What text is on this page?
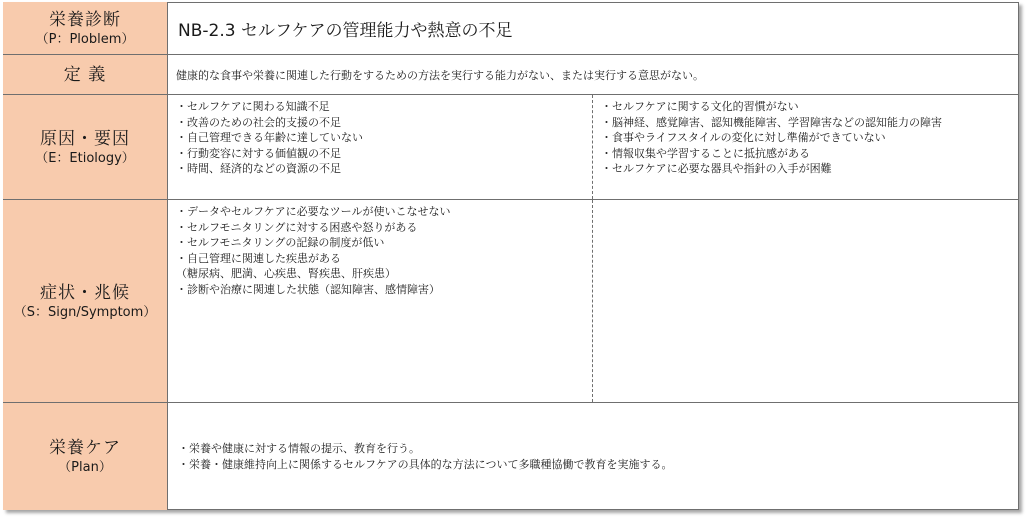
栄養診断
（P：Ploblem）	NB-2.3 セルフケアの管理能力や熱意の不足
定 義	健康的な食事や栄養に関連した行動をするための方法を実行する能力がない、または実行する意思がない。
原因・要因
（E：Etiology）
・セルフケアに関わる知識不足
・改善のための社会的支援の不足
・自己管理できる年齢に達していない
・行動変容に対する価値観の不足
・時間、経済的などの資源の不足
・セルフケアに関する文化的習慣がない
・脳神経、感覚障害、認知機能障害、学習障害などの認知能力の障害
・食事やライフスタイルの変化に対し準備ができていない
・情報収集や学習することに抵抗感がある
・セルフケアに必要な器具や指針の入手が困難
症状・兆候
（S：Sign/Symptom）
・データやセルフケアに必要なツールが使いこなせない
・セルフモニタリングに対する困惑や怒りがある
・セルフモニタリングの記録の制度が低い
・自己管理に関連した疾患がある
（糖尿病、肥満、心疾患、腎疾患、肝疾患）
・診断や治療に関連した状態（認知障害、感情障害）
栄養ケア
（Plan）
・栄養や健康に対する情報の提示、教育を行う。
・栄養・健康維持向上に関係するセルフケアの具体的な方法について多職種協働で教育を実施する。
